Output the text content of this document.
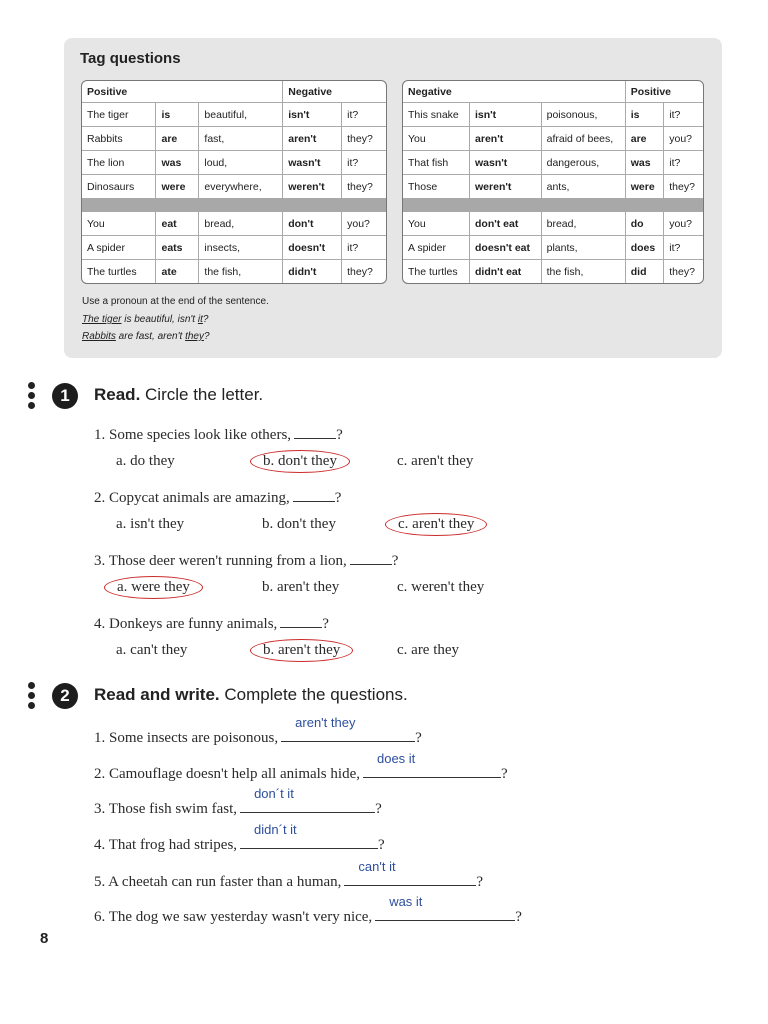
Tag questions
Positive			Negative	
The tiger	is	beautiful,	isn't	it?
Rabbits	are	fast,	aren't	they?
The lion	was	loud,	wasn't	it?
Dinosaurs	were	everywhere,	weren't	they?

You	eat	bread,	don't	you?
A spider	eats	insects,	doesn't	it?
The turtles	ate	the fish,	didn't	they?
Negative			Positive	
This snake	isn't	poisonous,	is	it?
You	aren't	afraid of bees,	are	you?
That fish	wasn't	dangerous,	was	it?
Those	weren't	ants,	were	they?

You	don't eat	bread,	do	you?
A spider	doesn't eat	plants,	does	it?
The turtles	didn't eat	the fish,	did	they?

Use a pronoun at the end of the sentence.

The tiger is beautiful, isn't it?

Rabbits are fast, aren't they?

1	Read. Circle the letter.

1. Some species look like others,	?
a. do they	b. don't they	c. aren't they
2. Copycat animals are amazing,	?
a. isn't they	b. don't they	c. aren't they
3. Those deer weren't running from a lion,	?
a. were they	b. aren't they	c. weren't they
4. Donkeys are funny animals,	?
a. can't they	b. aren't they	c. are they
2	Read and write. Complete the questions.

1. Some insects are poisonous,
aren't they
?
2. Camouflage doesn't help all animals hide,
does it
?
3. Those fish swim fast,
don´t it
?
4. That frog had stripes,
didn´t it
?
5. A cheetah can run faster than a human,
can't it
?
6. The dog we saw yesterday wasn't very nice,
was it
?

8
